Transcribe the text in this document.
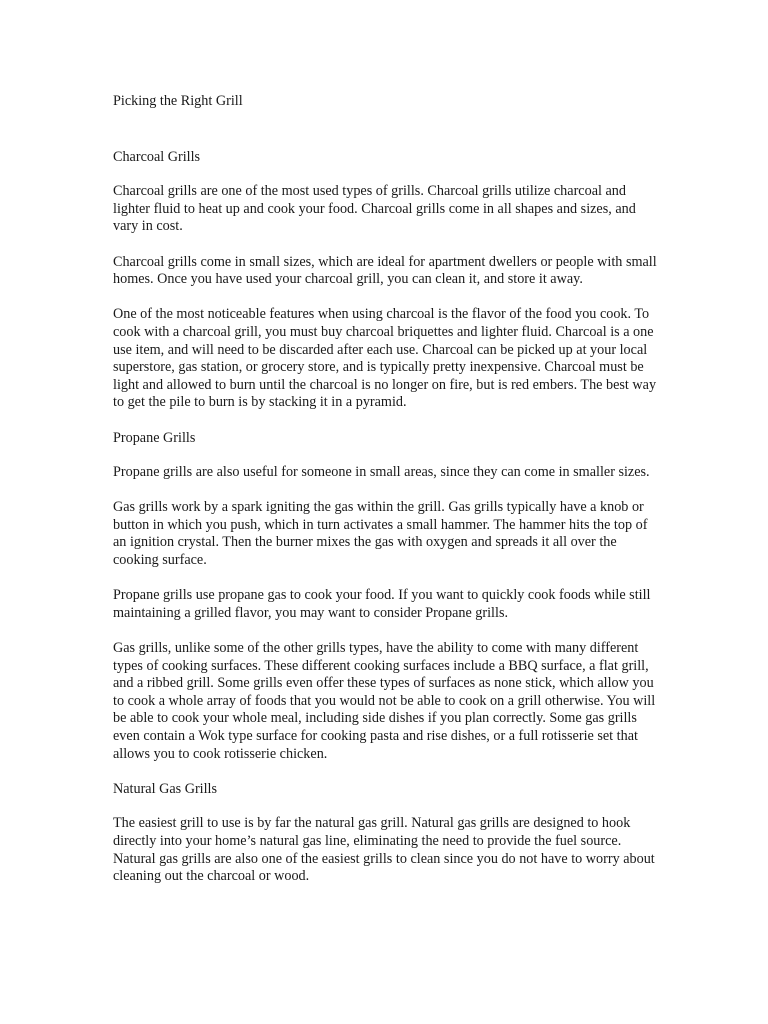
Picking the Right Grill
Charcoal Grills

Charcoal grills are one of the most used types of grills. Charcoal grills utilize charcoal and lighter fluid to heat up and cook your food. Charcoal grills come in all shapes and sizes, and vary in cost.

Charcoal grills come in small sizes, which are ideal for apartment dwellers or people with small homes. Once you have used your charcoal grill, you can clean it, and store it away.

One of the most noticeable features when using charcoal is the flavor of the food you cook. To cook with a charcoal grill, you must buy charcoal briquettes and lighter fluid. Charcoal is a one use item, and will need to be discarded after each use. Charcoal can be picked up at your local superstore, gas station, or grocery store, and is typically pretty inexpensive. Charcoal must be light and allowed to burn until the charcoal is no longer on fire, but is red embers. The best way to get the pile to burn is by stacking it in a pyramid.

Propane Grills

Propane grills are also useful for someone in small areas, since they can come in smaller sizes.

Gas grills work by a spark igniting the gas within the grill. Gas grills typically have a knob or button in which you push, which in turn activates a small hammer. The hammer hits the top of an ignition crystal. Then the burner mixes the gas with oxygen and spreads it all over the cooking surface.

Propane grills use propane gas to cook your food. If you want to quickly cook foods while still maintaining a grilled flavor, you may want to consider Propane grills.

Gas grills, unlike some of the other grills types, have the ability to come with many different types of cooking surfaces. These different cooking surfaces include a BBQ surface, a flat grill, and a ribbed grill. Some grills even offer these types of surfaces as none stick, which allow you to cook a whole array of foods that you would not be able to cook on a grill otherwise. You will be able to cook your whole meal, including side dishes if you plan correctly. Some gas grills even contain a Wok type surface for cooking pasta and rise dishes, or a full rotisserie set that allows you to cook rotisserie chicken.

Natural Gas Grills

The easiest grill to use is by far the natural gas grill. Natural gas grills are designed to hook directly into your home’s natural gas line, eliminating the need to provide the fuel source. Natural gas grills are also one of the easiest grills to clean since you do not have to worry about cleaning out the charcoal or wood.
